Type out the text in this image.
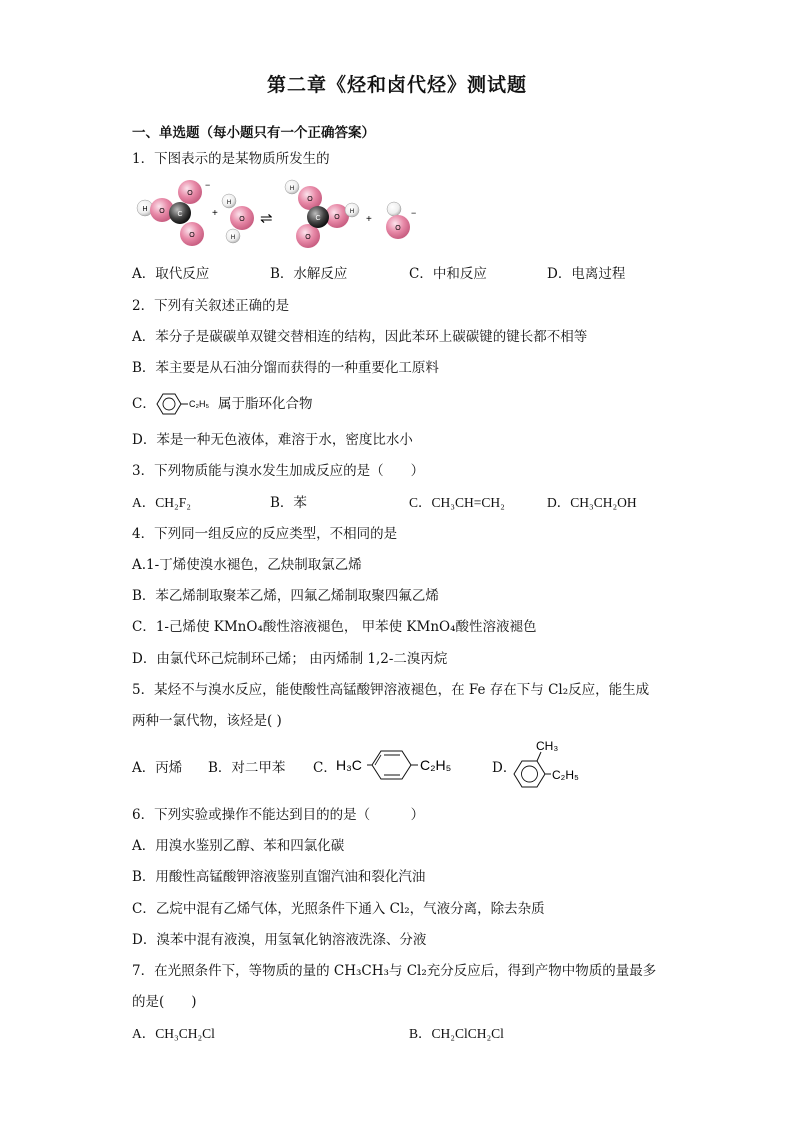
第二章《烃和卤代烃》测试题
一、单选题（每小题只有一个正确答案）
1．下图表示的是某物质所发生的
H O C
O
O
−
+
H
O
H
⇌
H
O
C O
O
H
+
O
−
A．取代反应	B．水解反应	C．中和反应	D．电离过程
2．下列有关叙述正确的是
A．苯分子是碳碳单双键交替相连的结构，因此苯环上碳碳键的键长都不相等
B．苯主要是从石油分馏而获得的一种重要化工原料
C．	C₂H₅ 属于脂环化合物
D．苯是一种无色液体，难溶于水，密度比水小
3．下列物质能与溴水发生加成反应的是（　　）
A．CH₂F₂	B．苯	C．CH₃CH=CH₂	D．CH₃CH₂OH
4．下列同一组反应的反应类型，不相同的是
A.1-丁烯使溴水褪色，乙炔制取氯乙烯
B．苯乙烯制取聚苯乙烯，四氟乙烯制取聚四氟乙烯
C．1-己烯使 KMnO₄酸性溶液褪色， 甲苯使 KMnO₄酸性溶液褪色
D．由氯代环己烷制环己烯； 由丙烯制 1,2-二溴丙烷
5．某烃不与溴水反应，能使酸性高锰酸钾溶液褪色，在 Fe 存在下与 Cl₂反应，能生成
两种一氯代物，该烃是( )
A．丙烯 B．对二甲苯 C． H₃C	C₂H₅	D．
CH₃
C₂H₅
6．下列实验或操作不能达到目的的是（　　　）
A．用溴水鉴别乙醇、苯和四氯化碳
B．用酸性高锰酸钾溶液鉴别直馏汽油和裂化汽油
C．乙烷中混有乙烯气体，光照条件下通入 Cl₂，气液分离，除去杂质
D．溴苯中混有液溴，用氢氧化钠溶液洗涤、分液
7．在光照条件下，等物质的量的 CH₃CH₃与 Cl₂充分反应后，得到产物中物质的量最多
的是(　　)
A．CH₃CH₂Cl	B．CH₂ClCH₂Cl
